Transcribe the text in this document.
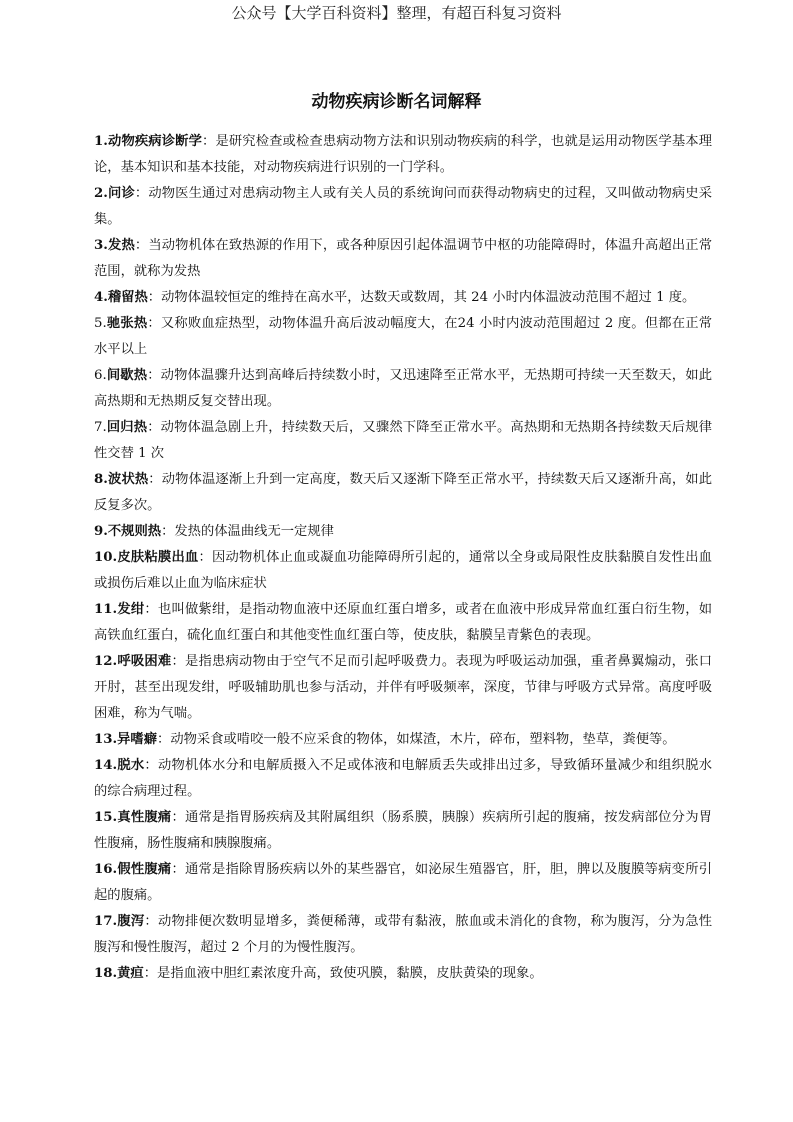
公众号【大学百科资料】整理，有超百科复习资料
动物疾病诊断名词解释

1.动物疾病诊断学：是研究检查或检查患病动物方法和识别动物疾病的科学，也就是运用动物医学基本理论，基本知识和基本技能，对动物疾病进行识别的一门学科。

2.问诊：动物医生通过对患病动物主人或有关人员的系统询问而获得动物病史的过程，又叫做动物病史采集。

3.发热：当动物机体在致热源的作用下，或各种原因引起体温调节中枢的功能障碍时，体温升高超出正常范围，就称为发热

4.稽留热：动物体温较恒定的维持在高水平，达数天或数周，其 24 小时内体温波动范围不超过 1 度。

5.驰张热：又称败血症热型，动物体温升高后波动幅度大，在24 小时内波动范围超过 2 度。但都在正常水平以上

6.间歇热：动物体温骤升达到高峰后持续数小时，又迅速降至正常水平，无热期可持续一天至数天，如此高热期和无热期反复交替出现。

7.回归热：动物体温急剧上升，持续数天后，又骤然下降至正常水平。高热期和无热期各持续数天后规律性交替 1 次

8.波状热：动物体温逐渐上升到一定高度，数天后又逐渐下降至正常水平，持续数天后又逐渐升高，如此反复多次。

9.不规则热：发热的体温曲线无一定规律

10.皮肤粘膜出血：因动物机体止血或凝血功能障碍所引起的，通常以全身或局限性皮肤黏膜自发性出血或损伤后难以止血为临床症状

11.发绀：也叫做紫绀，是指动物血液中还原血红蛋白增多，或者在血液中形成异常血红蛋白衍生物，如高铁血红蛋白，硫化血红蛋白和其他变性血红蛋白等，使皮肤，黏膜呈青紫色的表现。

12.呼吸困难：是指患病动物由于空气不足而引起呼吸费力。表现为呼吸运动加强，重者鼻翼煽动，张口开肘，甚至出现发绀，呼吸辅助肌也参与活动，并伴有呼吸频率，深度，节律与呼吸方式异常。高度呼吸困难，称为气喘。

13.异嗜癖：动物采食或啃咬一般不应采食的物体，如煤渣，木片，碎布，塑料物，垫草，粪便等。

14.脱水：动物机体水分和电解质摄入不足或体液和电解质丢失或排出过多，导致循环量减少和组织脱水的综合病理过程。

15.真性腹痛：通常是指胃肠疾病及其附属组织（肠系膜，胰腺）疾病所引起的腹痛，按发病部位分为胃性腹痛，肠性腹痛和胰腺腹痛。

16.假性腹痛：通常是指除胃肠疾病以外的某些器官，如泌尿生殖器官，肝，胆，脾以及腹膜等病变所引起的腹痛。

17.腹泻：动物排便次数明显增多，粪便稀薄，或带有黏液，脓血或未消化的食物，称为腹泻，分为急性腹泻和慢性腹泻，超过 2 个月的为慢性腹泻。

18.黄疸：是指血液中胆红素浓度升高，致使巩膜，黏膜，皮肤黄染的现象。
